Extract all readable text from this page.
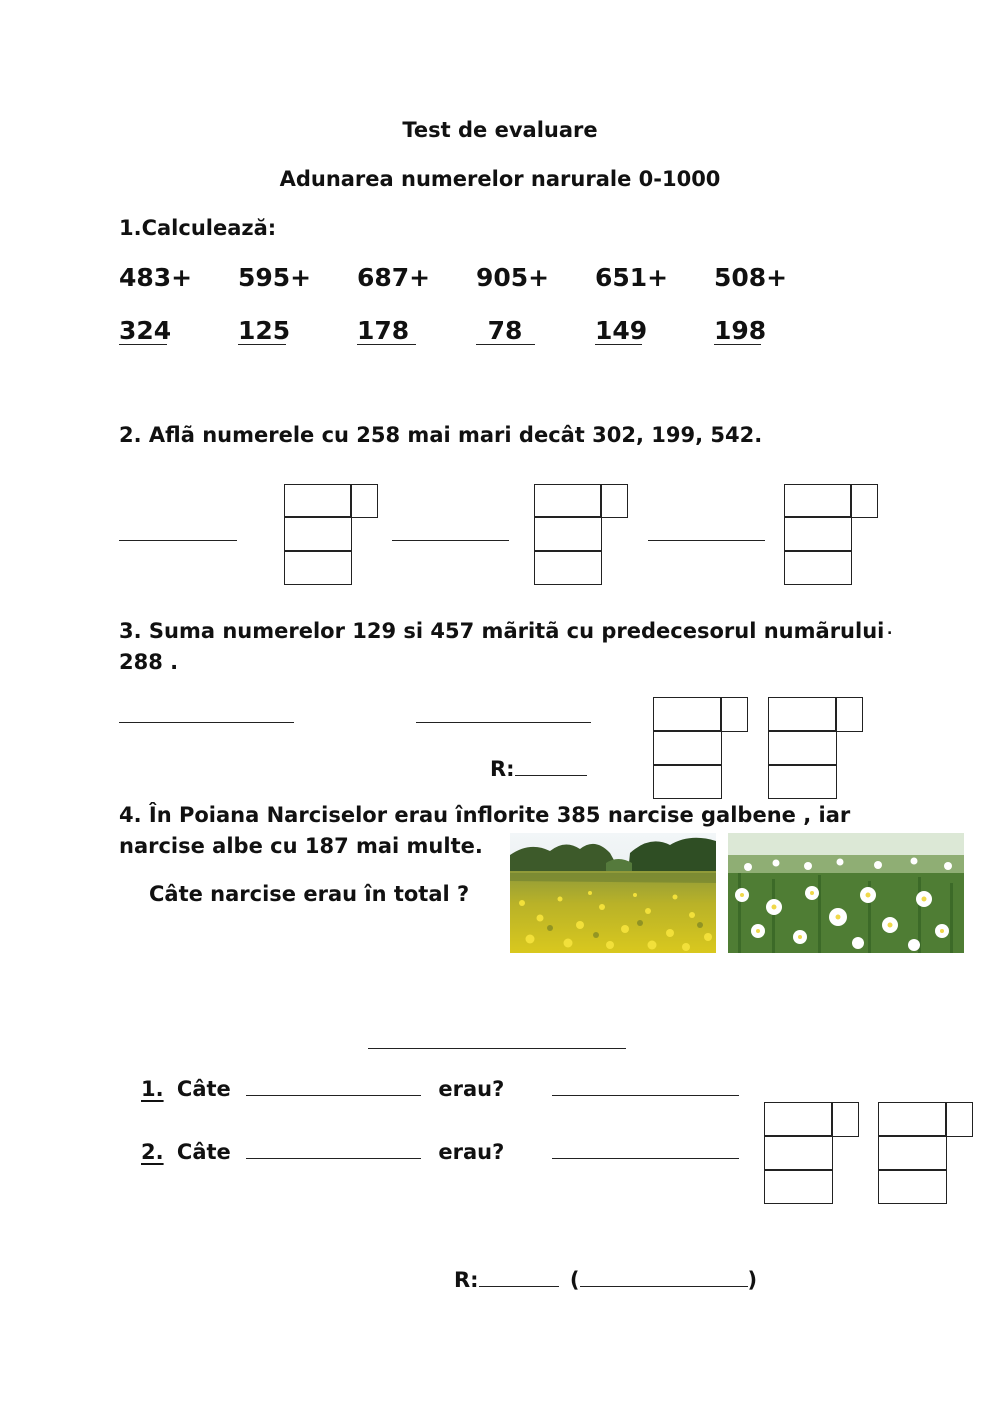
Test de evaluare
Adunarea numerelor narurale 0-1000
1.Calculează:
483+ 595+ 687+ 905+ 651+ 508+
324	125	178	78	149	198
2. Aflã numerele cu 258 mai mari decât 302, 199, 542.
3. Suma numerelor 129 si 457 mãritã cu predecesorul numãrului .
288 .
R:
4. În Poiana Narciselor erau înflorite 385 narcise galbene , iar
narcise albe cu 187 mai multe.
Câte narcise erau în total ?
1. Câte	erau?
2. Câte	erau?
R:	(	)
